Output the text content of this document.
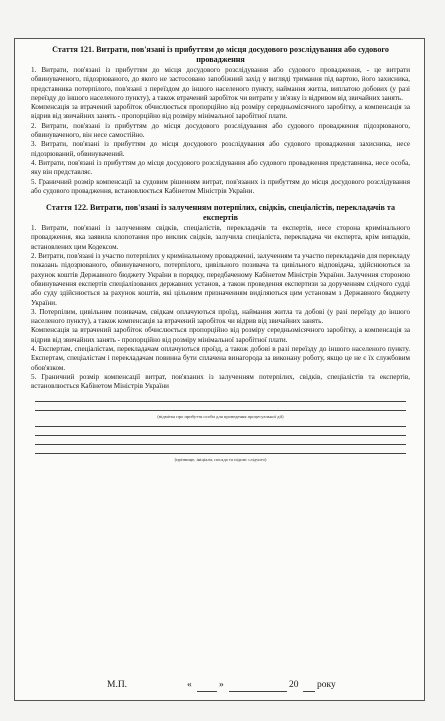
Стаття 121. Витрати, пов'язані із прибуттям до місця досудового розслідування або судового провадження

1. Витрати, пов'язані із прибуттям до місця досудового розслідування або судового провадження, - це витрати обвинуваченого, підозрюваного, до якого не застосовано запобіжний захід у вигляді тримання під вартою, його захисника, представника потерпілого, пов'язані з переїздом до іншого населеного пункту, наймання житла, виплатою добових (у разі переїзду до іншого населеного пункту), а також втрачений заробіток чи витрати у зв'язку із відривом від звичайних занять.

Компенсація за втрачений заробіток обчислюється пропорційно від розміру середньомісячного заробітку, а компенсація за відрив від звичайних занять - пропорційно від розміру мінімальної заробітної плати.

2. Витрати, пов'язані із прибуттям до місця досудового розслідування або судового провадження підозрюваного, обвинуваченого, він несе самостійно.

3. Витрати, пов'язані із прибуттям до місця досудового розслідування або судового провадження захисника, несе підозрюваний, обвинувачений.

4. Витрати, пов'язані із прибуттям до місця досудового розслідування або судового провадження представника, несе особа, яку він представляє.

5. Граничний розмір компенсації за судовим рішенням витрат, пов'язаних із прибуттям до місця досудового розслідування або судового провадження, встановлюється Кабінетом Міністрів України.

Стаття 122. Витрати, пов'язані із залученням потерпілих, свідків, спеціалістів, перекладачів та експертів

1. Витрати, пов'язані із залученням свідків, спеціалістів, перекладачів та експертів, несе сторона кримінального провадження, яка заявила клопотання про виклик свідків, залучила спеціаліста, перекладача чи експерта, крім випадків, встановлених цим Кодексом.

2. Витрати, пов'язані із участю потерпілих у кримінальному провадженні, залученням та участю перекладачів для перекладу показань підозрюваного, обвинуваченого, потерпілого, цивільного позивача та цивільного відповідача, здійснюються за рахунок коштів Державного бюджету України в порядку, передбаченому Кабінетом Міністрів України. Залучення стороною обвинувачення експертів спеціалізованих державних установ, а також проведення експертизи за дорученням слідчого судді або суду здійснюється за рахунок коштів, які цільовим призначенням виділяються цим установам з Державного бюджету України.

3. Потерпілим, цивільним позивачам, свідкам оплачуються проїзд, наймання житла та добові (у разі переїзду до іншого населеного пункту), а також компенсація за втрачений заробіток чи відрив від звичайних занять.

Компенсація за втрачений заробіток обчислюється пропорційно від розміру середньомісячного заробітку, а компенсація за відрив від звичайних занять - пропорційно від розміру мінімальної заробітної плати.

4. Експертам, спеціалістам, перекладачам оплачуються проїзд, а також добові в разі переїзду до іншого населеного пункту. Експертам, спеціалістам і перекладачам повинна бути сплачена винагорода за виконану роботу, якщо це не є їх службовим обов'язком.

5. Граничний розмір компенсації витрат, пов'язаних із залученням потерпілих, свідків, спеціалістів та експертів, встановлюється Кабінетом Міністрів України

(відмітка про прибуття особи для проведення процесуальної дії)

(прізвище, ініціали, посада та підпис слідчого)

М.П.	«	»	20 року
